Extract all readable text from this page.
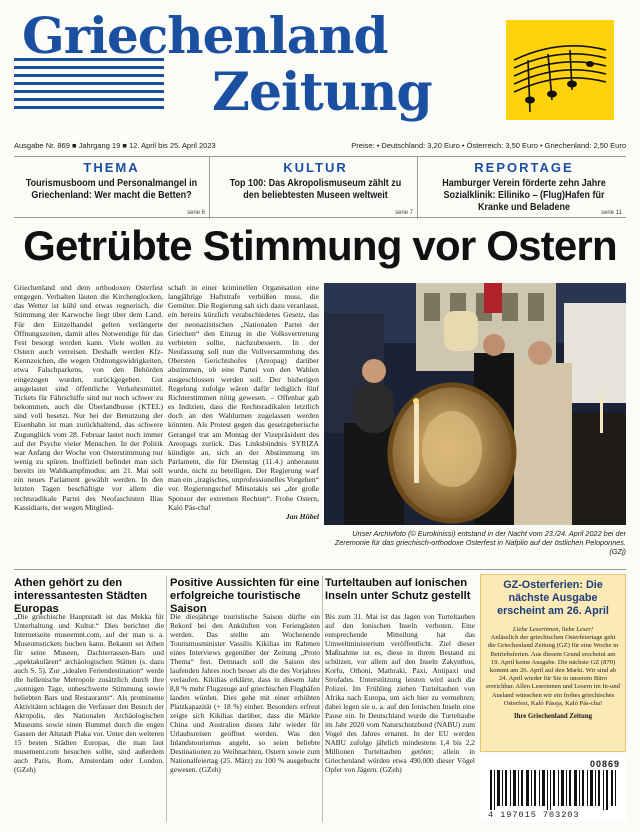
Griechenland
Zeitung
Ausgabe Nr. 869 ■ Jahrgang 19 ■ 12. April bis 25. April 2023	Preise: • Deutschland: 3,20 Euro • Österreich: 3,50 Euro • Griechenland: 2,50 Euro
THEMA
Tourismusboom und Personalmangel in Griechenland: Wer macht die Betten?
serie 6
KULTUR
Top 100: Das Akropolismuseum zählt zu den beliebtesten Museen weltweit
serie 7
REPORTAGE
Hamburger Verein förderte zehn Jahre Sozialklinik: Elliniko – (Flug)Hafen für Kranke und Beladene	serie 11
Getrübte Stimmung vor Ostern
Griechenland und dem orthodoxen Osterfest entgegen. Verhalten läuten die Kirchenglocken, das Wetter ist kühl und etwas regnerisch, die Stimmung der Karwoche liegt über dem Land. Für den Einzelhandel gelten verlängerte Öffnungszeiten, damit alles Notwendige für das Fest besorgt werden kann. Viele wollen zu Ostern auch verreisen. Deshalb werden Kfz-Kennzeichen, die wegen Ordnungswidrigkeiten, etwa Falschparkens, von den Behörden eingezogen wurden, zurückgegeben. Gut ausgelastet sind öffentliche Verkehrsmittel. Tickets für Fährschiffe sind nur noch schwer zu bekommen, auch die Überlandbusse (KTEL) sind voll besetzt. Nur bei der Benutzung der Eisenbahn ist man zurückhaltend, das schwere Zugunglück vom 28. Februar lastet noch immer auf der Psyche vieler Menschen. In der Politik war Anfang der Woche von Osterstimmung nur wenig zu spüren. Inoffiziell befindet man sich bereits im Wahlkampfmodus: am 21. Mai soll ein neues Parlament gewählt werden. In den letzten Tagen beschäftigte vor allem die rechtsradikale Partei des Neofaschisten Ilias Kassidiaris, der wegen Mitglied-
schaft in einer kriminellen Organisation eine langjährige Haftstrafe verbüßen muss, die Gemüter. Die Regierung sah sich dazu veranlasst, ein bereits kürzlich verabschiedetes Gesetz, das der neonazistischen „Nationalen Partei der Griechen“ den Einzug in die Volksvertretung verbieten sollte, nachzubessern. In der Neufassung soll nun die Vollversammlung des Obersten Gerichtshofes (Areopag) darüber abstimmen, ob eine Partei von den Wahlen ausgeschlossen werden soll. Der bisherigen Regelung zufolge wären dafür lediglich fünf Richterstimmen nötig gewesen. – Offenbar gab es Indizien, dass die Rechtsradikalen letztlich doch an den Wahlurnen zugelassen werden könnten. Als Protest gegen das gesetzgeberische Gerangel trat am Montag der Vizepräsident des Areopags zurück. Das Linksbündnis SYRIZA kündigte an, sich an der Abstimmung im Parlament, die für Dienstag (11.4.) anberaumt wurde, nicht zu beteiligen. Der Regierung warf man ein „tragisches, unprofessionelles Vorgehen“ vor. Regierungschef Mitsotakis sei „der große Sponsor der extremen Rechten“. Frohe Ostern, Kaló Pás-cha!
Jan Hübel
Unser Archivfoto (© Eurokinissi) entstand in der Nacht vom 23./24. April 2022 bei der Zeremonie für das griechisch-orthodoxe Osterfest in Nafplio auf der östlichen Peloponnes. (GZj)
Athen gehört zu den interessantesten Städten Europas
„Die griechische Hauptstadt ist das Mekka für Unterhaltung und Kultur.“ Dies berichtet die Internetseite museemnt.com, auf der man u. a. Museumstickets buchen kann. Bekannt sei Athen für seine Museen, Dachterrassen-Bars und „spektakulären“ archäologischen Stätten (s. dazu auch S. 5). Zur „idealen Feriendestination“ werde die hellenische Metropole zusätzlich durch ihre „sonnigen Tage, unbeschwerte Stimmung sowie beliebten Bars und Restaurants“. Als prominente Aktivitäten schlagen die Verfasser den Besuch der Akropolis, des Nationalen Archäologischen Museums sowie einen Bummel durch die engen Gassen der Altstadt Plaka vor. Unter den weiteren 15 besten Städten Europas, die man laut musement.com besuchen sollte, sind außerdem auch Paris, Rom, Amsterdam oder London. (GZeh)
Positive Aussichten für eine erfolgreiche touristische Saison
Die diesjährige touristische Saison dürfte ein Rekord bei den Ankünften von Feriengästen werden. Das stellte am Wochenende Tourismusminister Vassilis Kikilias im Rahmen eines Interviews gegenüber der Zeitung „Proto Thema“ fest. Demnach soll die Saison des laufenden Jahres noch besser als die des Vorjahres verlaufen. Kikilias erklärte, dass in diesem Jahr 8,8 % mehr Flugzeuge auf griechischen Flughäfen landen würden. Dies gehe mit einer erhöhten Platzkapazität (+ 18 %) einher. Besonders erfreut zeigte sich Kikilias darüber, dass die Märkte China und Australien dieses Jahr wieder für Urlaubsreisen geöffnet werden. Was den Inlandstourismus angeht, so seien beliebte Destinationen zu Weihnachten, Ostern sowie zum Nationalfeiertag (25. März) zu 100 % ausgebucht gewesen. (GZeh)
Turteltauben auf Ionischen Inseln unter Schutz gestellt
Bis zum 31. Mai ist das Jagen von Turteltauben auf den Ionischen Inseln verboten. Eine entsprechende Mitteilung hat das Umweltministerium veröffentlicht. Ziel dieser Maßnahme ist es, diese in ihrem Bestand zu schützen, vor allem auf den Inseln Zakynthos, Korfu, Othoni, Mathraki, Paxi, Antipaxi und Strofades. Unterstützung leisten wird auch die Polizei. Im Frühling ziehen Turteltauben von Afrika nach Europa, um sich hier zu vermehren; dabei legen sie u. a. auf den Ionischen Inseln eine Pause ein. In Deutschland wurde die Turteltaube im Jahr 2020 vom Naturschutzbund (NABU) zum Vogel des Jahres ernannt. In der EU werden NABU zufolge jährlich mindestens 1,4 bis 2,2 Millionen Turteltauben getötet; allein in Griechenland würden etwa 490.000 dieser Vögel Opfer von Jägern. (GZeh)
GZ-Osterferien: Die nächste Ausgabe erscheint am 26. April
Liebe Leserinnen, liebe Leser!
Anlässlich der griechischen Osterfeiertage geht die Griechenland Zeitung (GZ) für eine Woche in Betriebsferien. Aus diesem Grund erscheint am 19. April keine Ausgabe. Die nächste GZ (870) kommt am 26. April auf den Markt. Wir sind ab 24. April wieder für Sie in unserem Büro erreichbar. Allen Leserinnen und Lesern im In-und Ausland wünschen wir ein frohes griechisches Osterfest, Kaló Pássja, Kaló Pás-cha!
Ihre Griechenland Zeitung
00869
4 197015 703203
